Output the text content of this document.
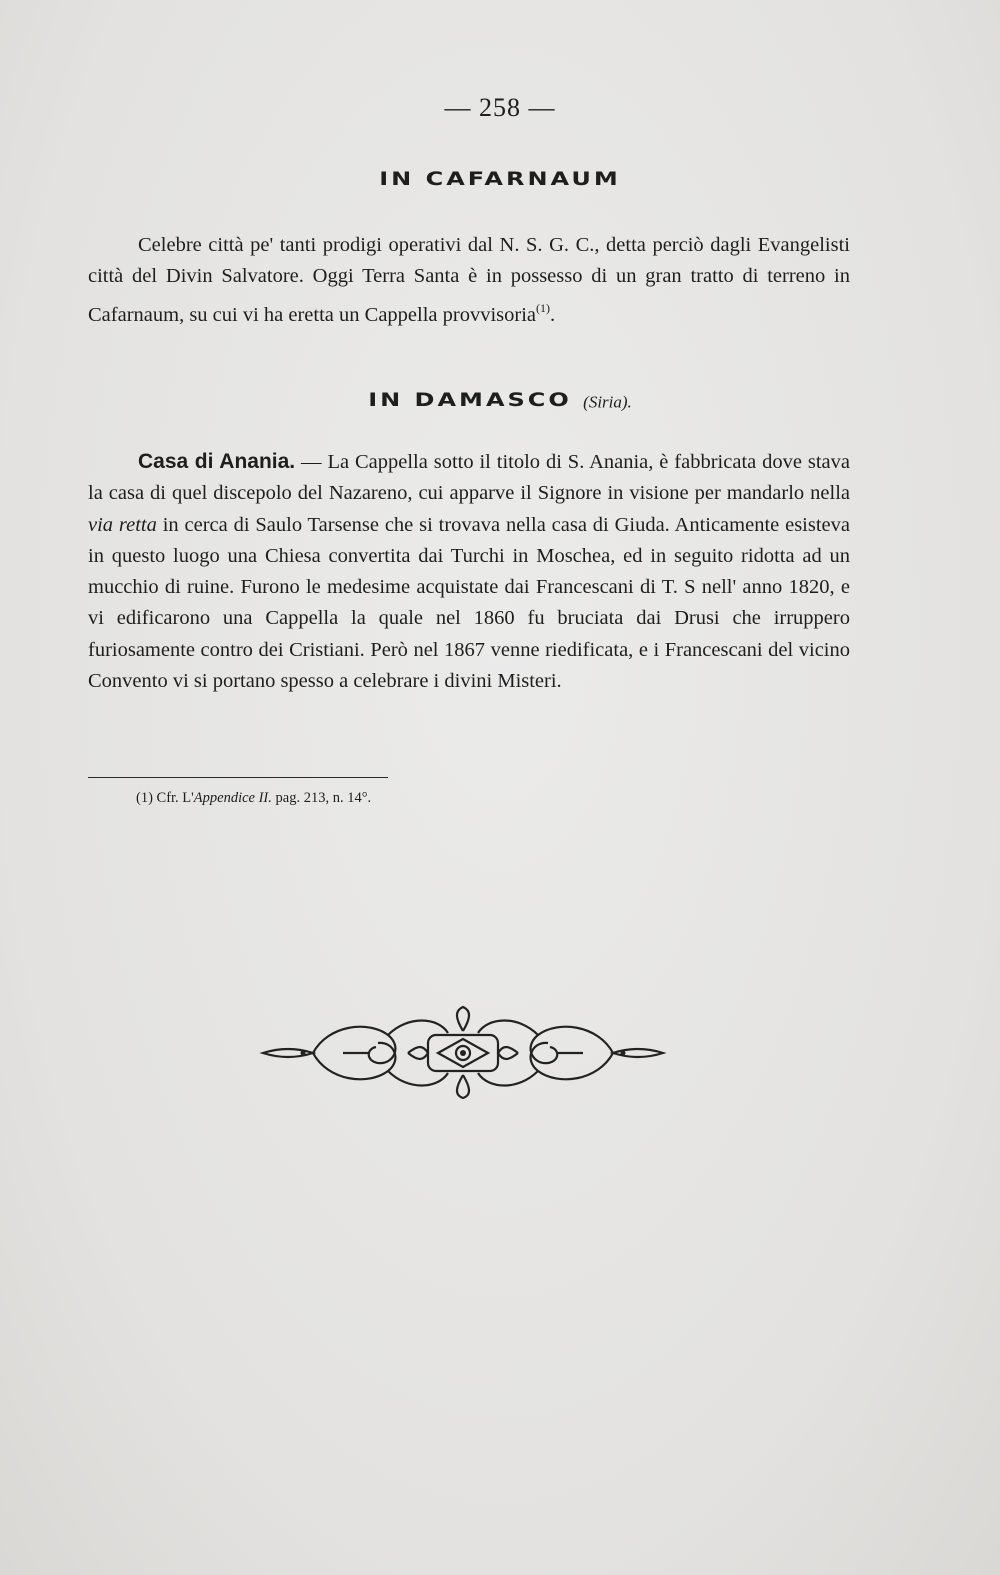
— 258 —
IN CAFARNAUM
Celebre città pe' tanti prodigi operativi dal N. S. G. C., detta perciò dagli Evangelisti città del Divin Salvatore. Oggi Terra Santa è in possesso di un gran tratto di terreno in Cafarnaum, su cui vi ha eretta un Cappella provvisoria$^{(1)}$.
IN DAMASCO (Siria).
Casa di Anania. — La Cappella sotto il titolo di S. Anania, è fabbricata dove stava la casa di quel discepolo del Nazareno, cui apparve il Signore in visione per mandarlo nella via retta in cerca di Saulo Tarsense che si trovava nella casa di Giuda. Anticamente esisteva in questo luogo una Chiesa convertita dai Turchi in Moschea, ed in seguito ridotta ad un mucchio di ruine. Furono le medesime acquistate dai Francescani di T. S nell' anno 1820, e vi edificarono una Cappella la quale nel 1860 fu bruciata dai Drusi che irruppero furiosamente contro dei Cristiani. Però nel 1867 venne riedificata, e i Francescani del vicino Convento vi si portano spesso a celebrare i divini Misteri.
(1) Cfr. L'Appendice II. pag. 213, n. 14°.
